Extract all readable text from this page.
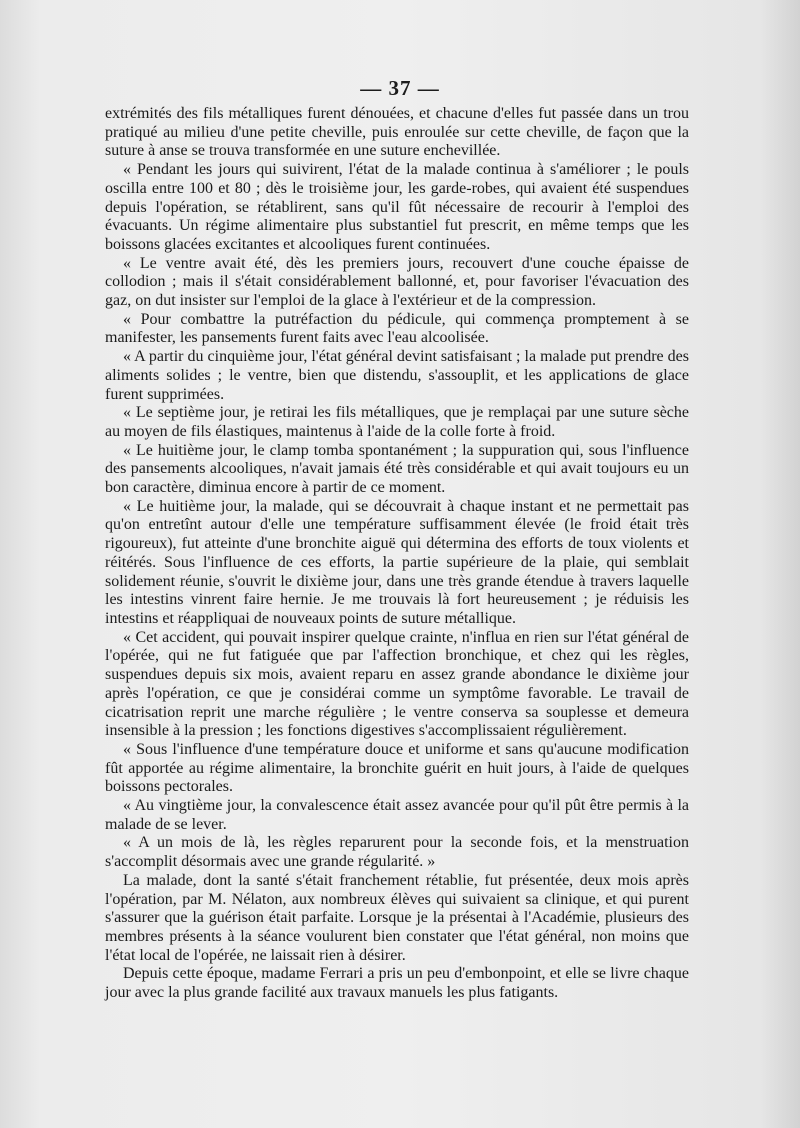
— 37 —

extrémités des fils métalliques furent dénouées, et chacune d'elles fut passée dans un trou pratiqué au milieu d'une petite cheville, puis enroulée sur cette cheville, de façon que la suture à anse se trouva transformée en une suture enchevillée.

« Pendant les jours qui suivirent, l'état de la malade continua à s'améliorer ; le pouls oscilla entre 100 et 80 ; dès le troisième jour, les garde-robes, qui avaient été suspendues depuis l'opération, se rétablirent, sans qu'il fût nécessaire de recourir à l'emploi des évacuants. Un régime alimentaire plus substantiel fut prescrit, en même temps que les boissons glacées excitantes et alcooliques furent continuées.

« Le ventre avait été, dès les premiers jours, recouvert d'une couche épaisse de collodion ; mais il s'était considérablement ballonné, et, pour favoriser l'évacuation des gaz, on dut insister sur l'emploi de la glace à l'extérieur et de la compression.

« Pour combattre la putréfaction du pédicule, qui commença promptement à se manifester, les pansements furent faits avec l'eau alcoolisée.

« A partir du cinquième jour, l'état général devint satisfaisant ; la malade put prendre des aliments solides ; le ventre, bien que distendu, s'assouplit, et les applications de glace furent supprimées.

« Le septième jour, je retirai les fils métalliques, que je remplaçai par une suture sèche au moyen de fils élastiques, maintenus à l'aide de la colle forte à froid.

« Le huitième jour, le clamp tomba spontanément ; la suppuration qui, sous l'influence des pansements alcooliques, n'avait jamais été très considérable et qui avait toujours eu un bon caractère, diminua encore à partir de ce moment.

« Le huitième jour, la malade, qui se découvrait à chaque instant et ne permettait pas qu'on entretînt autour d'elle une température suffisamment élevée (le froid était très rigoureux), fut atteinte d'une bronchite aiguë qui détermina des efforts de toux violents et réitérés. Sous l'influence de ces efforts, la partie supérieure de la plaie, qui semblait solidement réunie, s'ouvrit le dixième jour, dans une très grande étendue à travers laquelle les intestins vinrent faire hernie. Je me trouvais là fort heureusement ; je réduisis les intestins et réappliquai de nouveaux points de suture métallique.

« Cet accident, qui pouvait inspirer quelque crainte, n'influa en rien sur l'état général de l'opérée, qui ne fut fatiguée que par l'affection bronchique, et chez qui les règles, suspendues depuis six mois, avaient reparu en assez grande abondance le dixième jour après l'opération, ce que je considérai comme un symptôme favorable. Le travail de cicatrisation reprit une marche régulière ; le ventre conserva sa souplesse et demeura insensible à la pression ; les fonctions digestives s'accomplissaient régulièrement.

« Sous l'influence d'une température douce et uniforme et sans qu'aucune modification fût apportée au régime alimentaire, la bronchite guérit en huit jours, à l'aide de quelques boissons pectorales.

« Au vingtième jour, la convalescence était assez avancée pour qu'il pût être permis à la malade de se lever.

« A un mois de là, les règles reparurent pour la seconde fois, et la menstruation s'accomplit désormais avec une grande régularité. »

La malade, dont la santé s'était franchement rétablie, fut présentée, deux mois après l'opération, par M. Nélaton, aux nombreux élèves qui suivaient sa clinique, et qui purent s'assurer que la guérison était parfaite. Lorsque je la présentai à l'Académie, plusieurs des membres présents à la séance voulurent bien constater que l'état général, non moins que l'état local de l'opérée, ne laissait rien à désirer.

Depuis cette époque, madame Ferrari a pris un peu d'embonpoint, et elle se livre chaque jour avec la plus grande facilité aux travaux manuels les plus fatigants.
